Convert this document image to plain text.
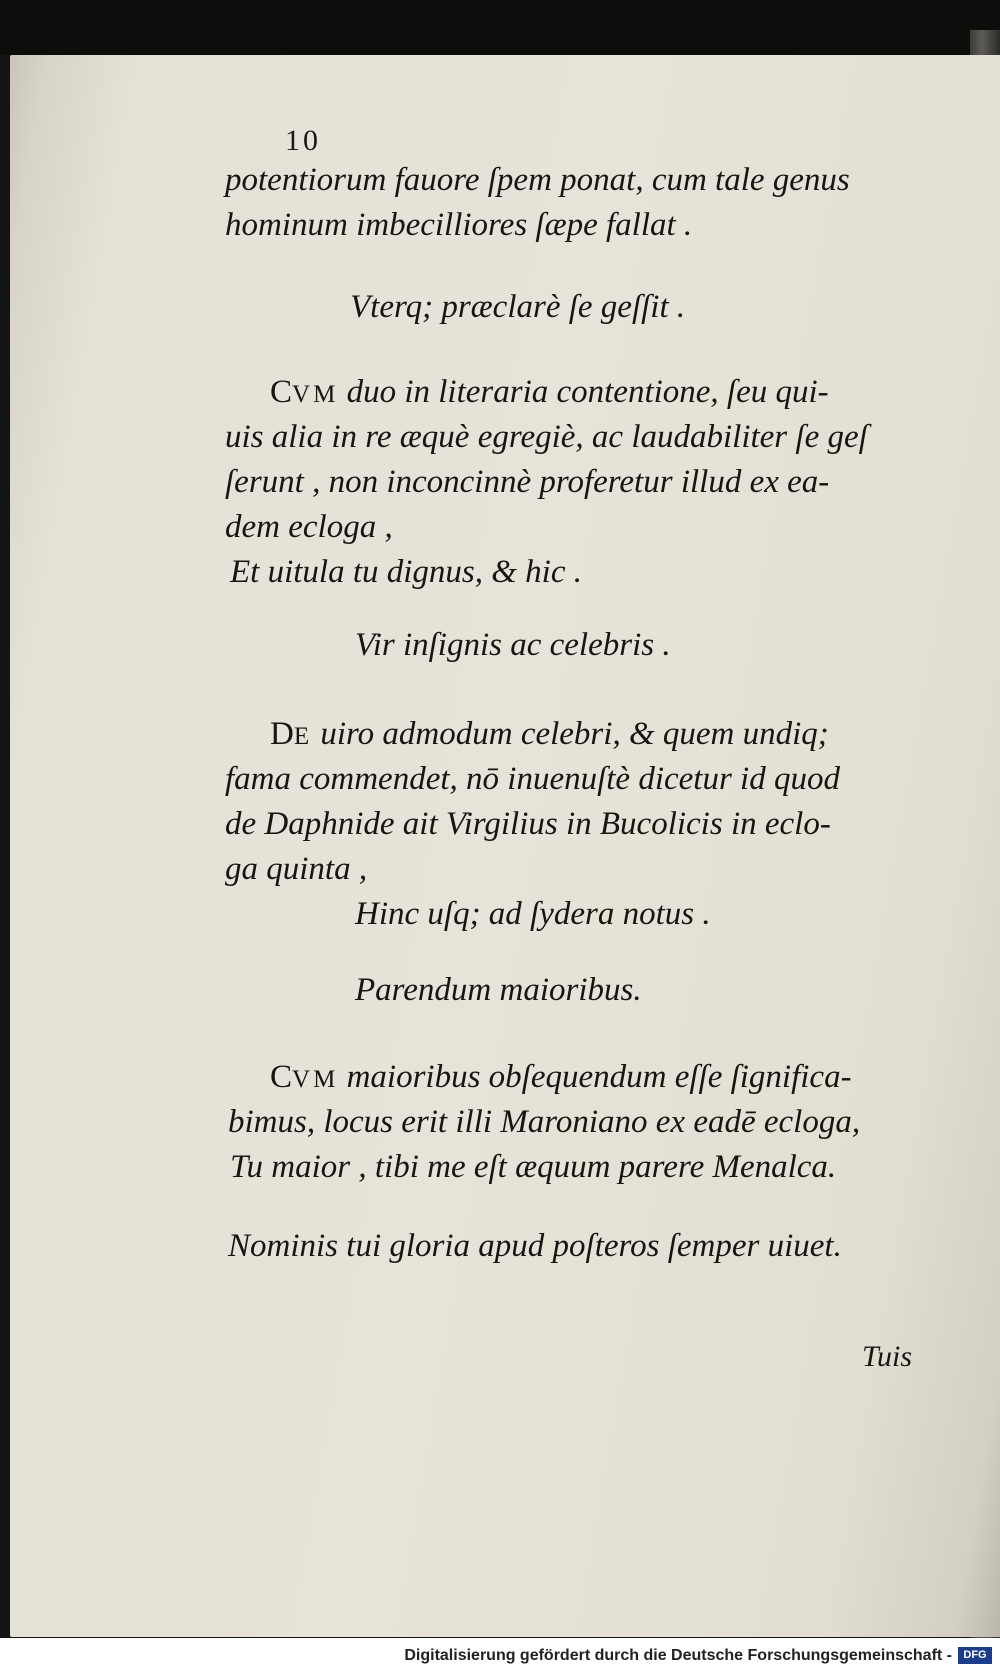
10
potentiorum fauore ſpem ponat, cum tale genus
hominum imbecilliores ſæpe fallat .
Vterq; præclarè ſe geſſit .
CVM duo in literaria contentione, ſeu qui-
uis alia in re æquè egregiè, ac laudabiliter ſe geſ
ſerunt , non inconcinnè proferetur illud ex ea-
dem ecloga ,
Et uitula tu dignus, & hic .
Vir inſignis ac celebris .
DE uiro admodum celebri, & quem undiq;
fama commendet, nō inuenuſtè dicetur id quod
de Daphnide ait Virgilius in Bucolicis in eclo-
ga quinta ,
Hinc uſq; ad ſydera notus .
Parendum maioribus.
CVM maioribus obſequendum eſſe ſignifica-
bimus, locus erit illi Maroniano ex eadē ecloga,
Tu maior , tibi me eſt æquum parere Menalca.
Nominis tui gloria apud poſteros ſemper uiuet.
Tuis
Digitalisierung gefördert durch die Deutsche Forschungsgemeinschaft -	DFG
